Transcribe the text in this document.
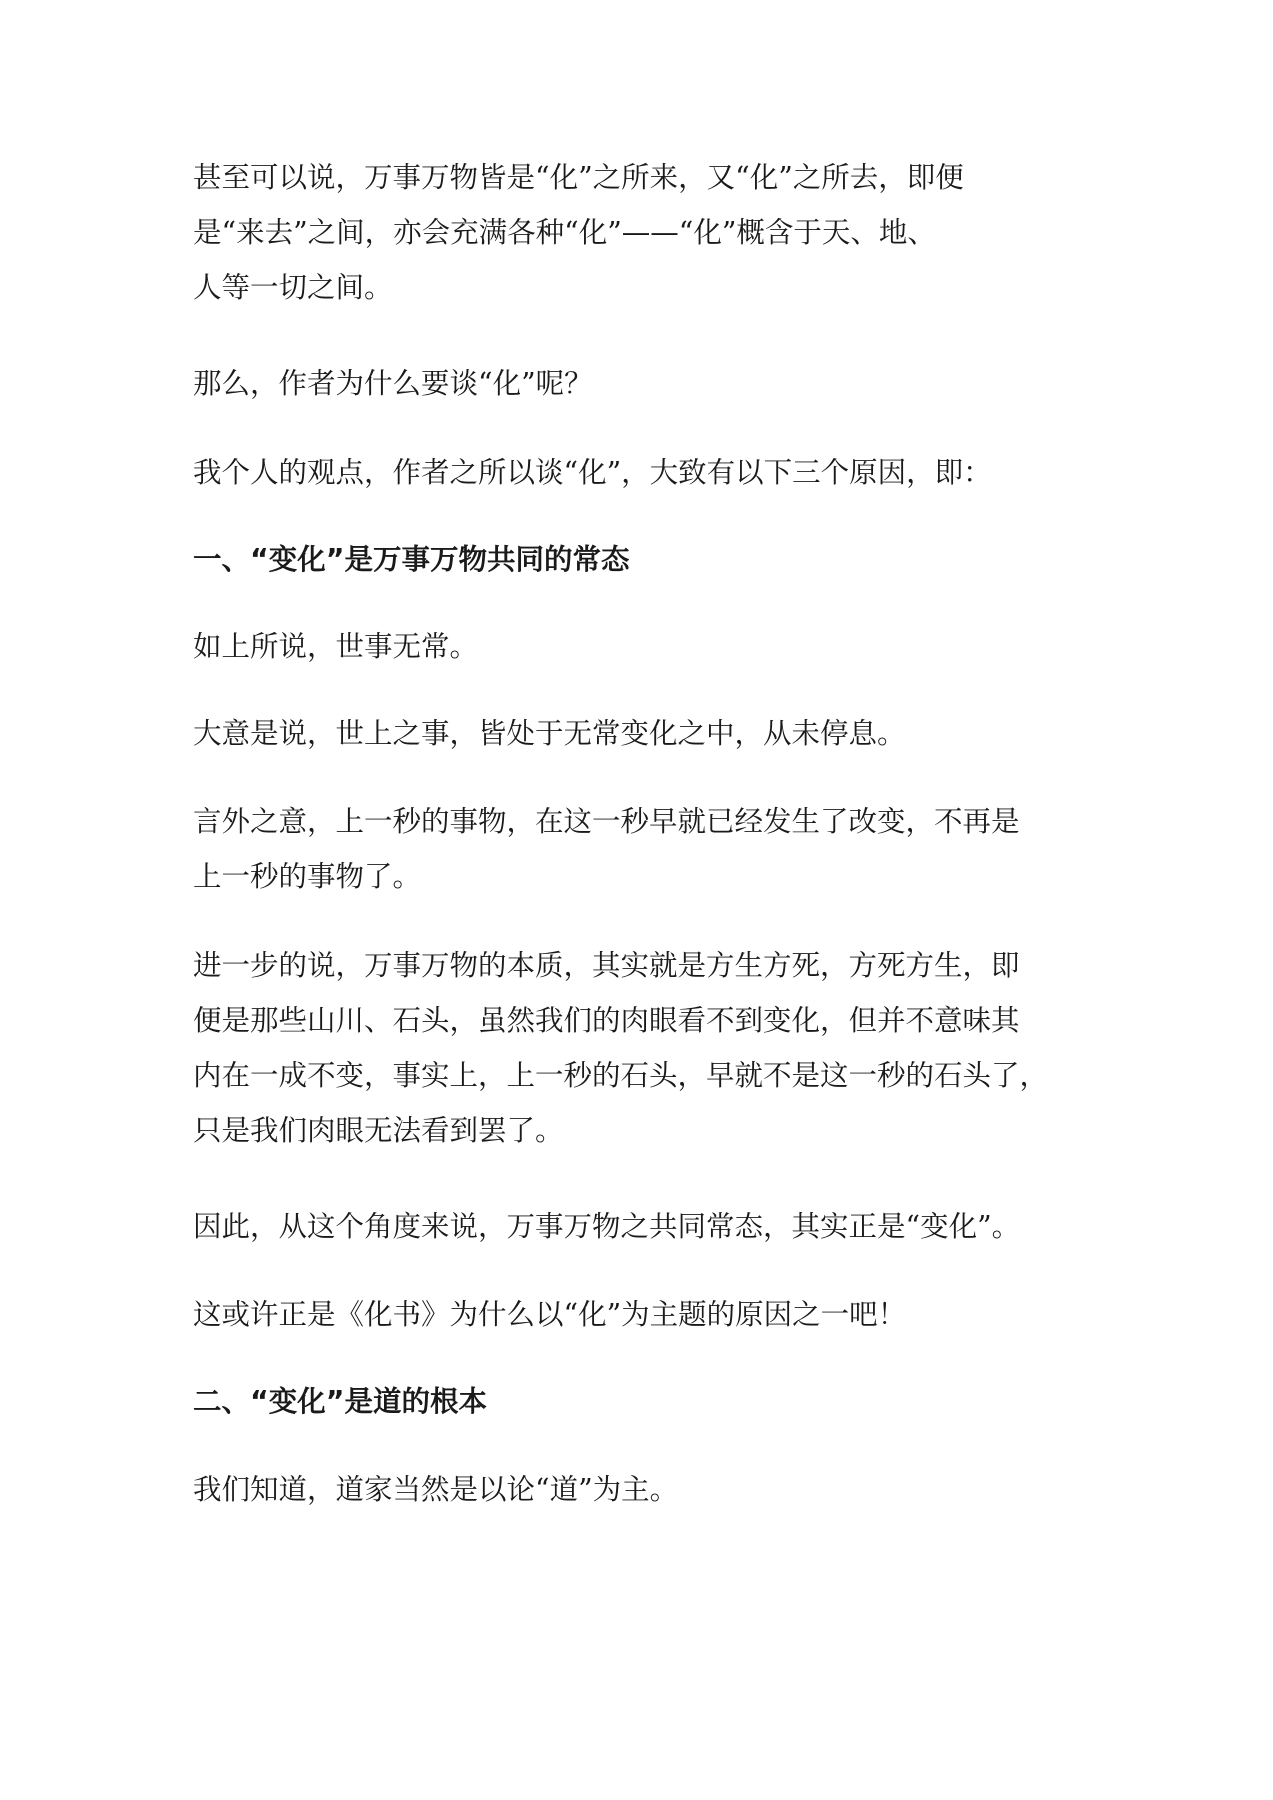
甚至可以说，万事万物皆是“化”之所来，又“化”之所去，即便
是“来去”之间，亦会充满各种“化”——“化”概含于天、地、
人等一切之间。

那么，作者为什么要谈“化”呢？

我个人的观点，作者之所以谈“化”，大致有以下三个原因，即：

一、“变化”是万事万物共同的常态

如上所说，世事无常。

大意是说，世上之事，皆处于无常变化之中，从未停息。

言外之意，上一秒的事物，在这一秒早就已经发生了改变，不再是
上一秒的事物了。

进一步的说，万事万物的本质，其实就是方生方死，方死方生，即
便是那些山川、石头，虽然我们的肉眼看不到变化，但并不意味其
内在一成不变，事实上，上一秒的石头，早就不是这一秒的石头了，
只是我们肉眼无法看到罢了。

因此，从这个角度来说，万事万物之共同常态，其实正是“变化”。

这或许正是《化书》为什么以“化”为主题的原因之一吧！

二、“变化”是道的根本

我们知道，道家当然是以论“道”为主。
